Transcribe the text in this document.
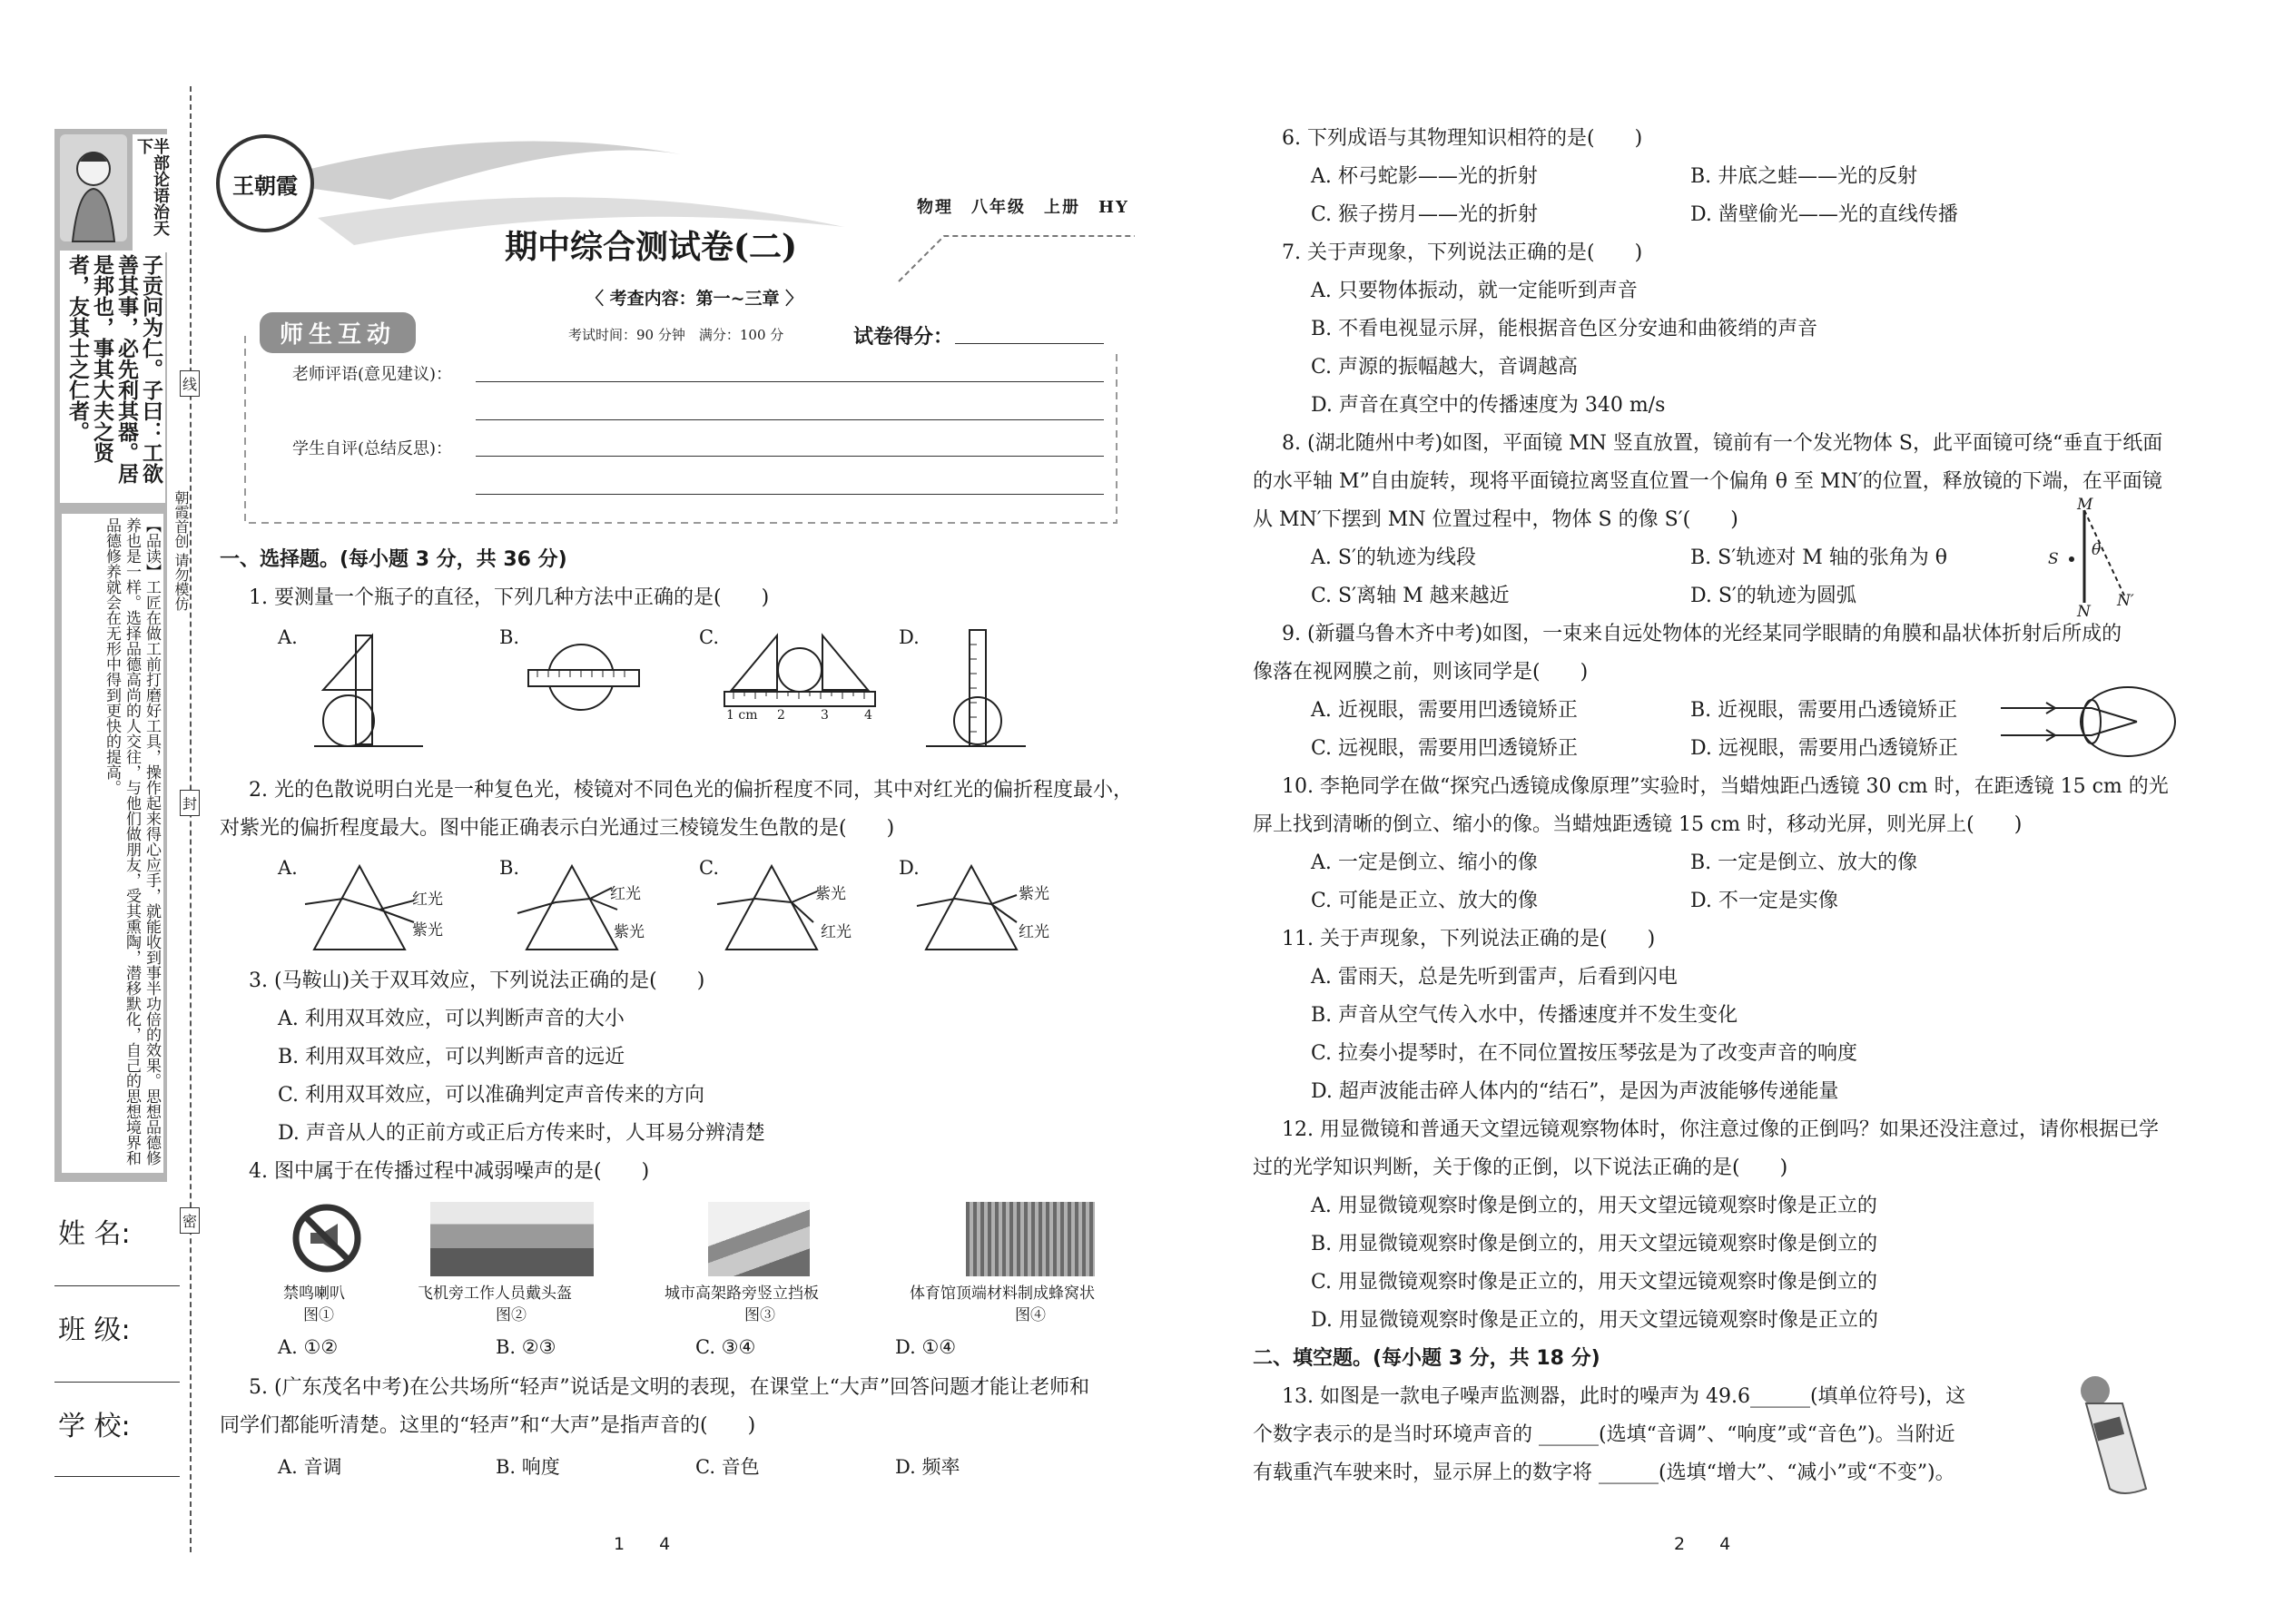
半部论语治天下
子贡问为仁。子曰：工欲善其事，必先利其器。居是邦也，事其大夫之贤者，友其士之仁者。
【品读】工匠在做工前打磨好工具，操作起来得心应手，就能收到事半功倍的效果。思想品德修养也是一样。选择品德高尚的人交往，与他们做朋友，受其熏陶，潜移默化，自己的思想境界和品德修养就会在无形中得到更快的提高。	朝霞首创 请勿模仿
线
封
密
姓 名:
班 级:
学 校:
王朝霞
物理　八年级　上册　HY
期中综合测试卷(二)
〈 考查内容：第一~三章 〉
考试时间：90 分钟　满分：100 分	试卷得分：
师生互动
老师评语(意见建议)：
学生自评(总结反思)：
一、选择题。(每小题 3 分，共 36 分)
1. 要测量一个瓶子的直径，下列几种方法中正确的是(　　)
A.	B.	C.	D.
1 cm 2	3	4
2. 光的色散说明白光是一种复色光，棱镜对不同色光的偏折程度不同，其中对红光的偏折程度最小，
对紫光的偏折程度最大。图中能正确表示白光通过三棱镜发生色散的是(　　)
A.	B.	C.	D.
红光
紫光
红光
紫光
紫光
红光
紫光
红光
3. (马鞍山)关于双耳效应，下列说法正确的是(　　)
A. 利用双耳效应，可以判断声音的大小
B. 利用双耳效应，可以判断声音的远近
C. 利用双耳效应，可以准确判定声音传来的方向
D. 声音从人的正前方或正后方传来时，人耳易分辨清楚
4. 图中属于在传播过程中减弱噪声的是(　　)
禁鸣喇叭	飞机旁工作人员戴头盔	城市高架路旁竖立挡板	体育馆顶端材料制成蜂窝状
图①	图②	图③	图④
A. ①②	B. ②③	C. ③④	D. ①④
5. (广东茂名中考)在公共场所“轻声”说话是文明的表现，在课堂上“大声”回答问题才能让老师和
同学们都能听清楚。这里的“轻声”和“大声”是指声音的(　　)
A. 音调	B. 响度	C. 音色	D. 频率
1　　4
6. 下列成语与其物理知识相符的是(　　)
A. 杯弓蛇影——光的折射	B. 井底之蛙——光的反射
C. 猴子捞月——光的折射	D. 凿壁偷光——光的直线传播
7. 关于声现象，下列说法正确的是(　　)
A. 只要物体振动，就一定能听到声音
B. 不看电视显示屏，能根据音色区分安迪和曲筱绡的声音
C. 声源的振幅越大，音调越高
D. 声音在真空中的传播速度为 340 m/s
8. (湖北随州中考)如图，平面镜 MN 竖直放置，镜前有一个发光物体 S，此平面镜可绕“垂直于纸面
的水平轴 M”自由旋转，现将平面镜拉离竖直位置一个偏角 θ 至 MN′的位置，释放镜的下端，在平面镜
从 MN′下摆到 MN 位置过程中，物体 S 的像 S′(　　)
A. S′的轨迹为线段	B. S′轨迹对 M 轴的张角为 θ
C. S′离轴 M 越来越近	D. S′的轨迹为圆弧
M
S θ
N
N′
9. (新疆乌鲁木齐中考)如图，一束来自远处物体的光经某同学眼睛的角膜和晶状体折射后所成的
像落在视网膜之前，则该同学是(　　)
A. 近视眼，需要用凹透镜矫正	B. 近视眼，需要用凸透镜矫正
C. 远视眼，需要用凹透镜矫正	D. 远视眼，需要用凸透镜矫正
10. 李艳同学在做“探究凸透镜成像原理”实验时，当蜡烛距凸透镜 30 cm 时，在距透镜 15 cm 的光
屏上找到清晰的倒立、缩小的像。当蜡烛距透镜 15 cm 时，移动光屏，则光屏上(　　)
A. 一定是倒立、缩小的像	B. 一定是倒立、放大的像
C. 可能是正立、放大的像	D. 不一定是实像
11. 关于声现象，下列说法正确的是(　　)
A. 雷雨天，总是先听到雷声，后看到闪电
B. 声音从空气传入水中，传播速度并不发生变化
C. 拉奏小提琴时，在不同位置按压琴弦是为了改变声音的响度
D. 超声波能击碎人体内的“结石”，是因为声波能够传递能量
12. 用显微镜和普通天文望远镜观察物体时，你注意过像的正倒吗？如果还没注意过，请你根据已学
过的光学知识判断，关于像的正倒，以下说法正确的是(　　)
A. 用显微镜观察时像是倒立的，用天文望远镜观察时像是正立的
B. 用显微镜观察时像是倒立的，用天文望远镜观察时像是倒立的
C. 用显微镜观察时像是正立的，用天文望远镜观察时像是倒立的
D. 用显微镜观察时像是正立的，用天文望远镜观察时像是正立的
二、填空题。(每小题 3 分，共 18 分)
13. 如图是一款电子噪声监测器，此时的噪声为 49.6______(填单位符号)，这
个数字表示的是当时环境声音的 ______(选填“音调”、“响度”或“音色”)。当附近
有载重汽车驶来时，显示屏上的数字将 ______(选填“增大”、“减小”或“不变”)。
2　　4
